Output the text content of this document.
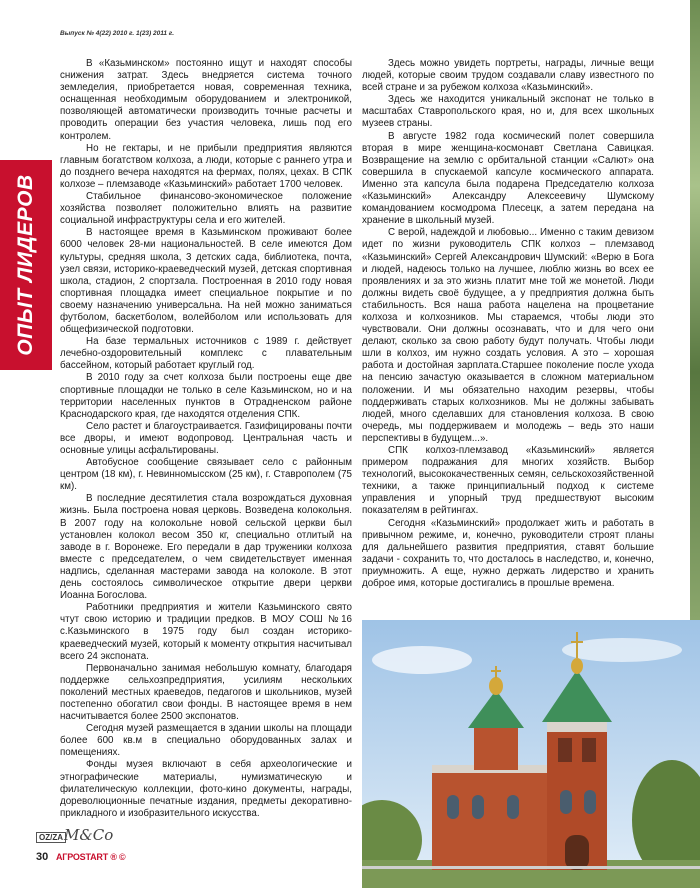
Выпуск № 4(22) 2010 г. 1(23) 2011 г.
ОПЫТ ЛИДЕРОВ

В «Казьминском» постоянно ищут и находят способы снижения затрат. Здесь внедряется система точного земледелия, приобретается новая, современная техника, оснащенная необходимым оборудованием и электроникой, позволяющей автоматически производить точные расчеты и проводить операции без участия человека, лишь под его контролем.

Но не гектары, и не прибыли предприятия являются главным богатством колхоза, а люди, которые с раннего утра и до позднего вечера находятся на фермах, полях, цехах. В СПК колхозе – племзаводе «Казьминский» работает 1700 человек.

Стабильное финансово-экономическое положение хозяйства позволяет положительно влиять на развитие социальной инфраструктуры села и его жителей.

В настоящее время в Казьминском проживают более 6000 человек 28-ми национальностей. В селе имеются Дом культуры, средняя школа, 3 детских сада, библиотека, почта, узел связи, историко-краеведческий музей, детская спортивная школа, стадион, 2 спортзала. Построенная в 2010 году новая спортивная площадка имеет специальное покрытие и по своему назначению универсальна. На ней можно заниматься футболом, баскетболом, волейболом или использовать для общефизической подготовки.

На базе термальных источников с 1989 г. действует лечебно-оздоровительный комплекс с плавательным бассейном, который работает круглый год.

В 2010 году за счет колхоза были построены еще две спортивные площадки не только в селе Казьминском, но и на территории населенных пунктов в Отрадненском районе Краснодарского края, где находятся отделения СПК.

Село растет и благоустраивается. Газифицированы почти все дворы, и имеют водопровод. Центральная часть и основные улицы асфальтированы.

Автобусное сообщение связывает село с районным центром (18 км), г. Невинномысском (25 км), г. Ставрополем (75 км).

В последние десятилетия стала возрождаться духовная жизнь. Была построена новая церковь. Возведена колокольня. В 2007 году на колокольне новой сельской церкви был установлен колокол весом 350 кг, специально отлитый на заводе в г. Воронеже. Его передали в дар труженики колхоза вместе с председателем, о чем свидетельствует именная надпись, сделанная мастерами завода на колоколе. В этот день состоялось символическое открытие двери церкви Иоанна Богослова.

Работники предприятия и жители Казьминского свято чтут свою историю и традиции предков. В МОУ СОШ №16 с.Казьминского в 1975 году был создан историко-краеведческий музей, который к моменту открытия насчитывал всего 24 экспоната.

Первоначально занимая небольшую комнату, благодаря поддержке сельхозпредприятия, усилиям нескольких поколений местных краеведов, педагогов и школьников, музей постепенно обогатил свои фонды. В настоящее время в нем насчитывается более 2500 экспонатов.

Сегодня музей размещается в здании школы на площади более 600 кв.м в специально оборудованных залах и помещениях.

Фонды музея включают в себя археологические и этнографические материалы, нумизматическую и филателическую коллекции, фото-кино документы, награды, дореволюционные печатные издания, предметы декоративно-прикладного и изобразительного искусства.

Здесь можно увидеть портреты, награды, личные вещи людей, которые своим трудом создавали славу известного по всей стране и за рубежом колхоза «Казьминский».

Здесь же находится уникальный экспонат не только в масштабах Ставропольского края, но и, для всех школьных музеев страны.

В августе 1982 года космический полет совершила вторая в мире женщина-космонавт Светлана Савицкая. Возвращение на землю с орбитальной станции «Салют» она совершила в спускаемой капсуле космического аппарата. Именно эта капсула была подарена Председателю колхоза «Казьминский» Александру Алексеевичу Шумскому командованием космодрома Плесецк, а затем передана на хранение в школьный музей.

С верой, надеждой и любовью... Именно с таким девизом идет по жизни руководитель СПК колхоз – племзавод «Казьминский» Сергей Александрович Шумский: «Верю в Бога и людей, надеюсь только на лучшее, люблю жизнь во всех ее проявлениях и за это жизнь платит мне той же монетой. Люди должны видеть своё будущее, а у предприятия должна быть стабильность. Вся наша работа нацелена на процветание колхоза и колхозников. Мы стараемся, чтобы люди это чувствовали. Они должны осознавать, что и для чего они делают, сколько за свою работу будут получать. Чтобы люди шли в колхоз, им нужно создать условия. А это – хорошая работа и достойная зарплата.Старшее поколение после ухода на пенсию зачастую оказывается в сложном материальном положении. И мы обязательно находим резервы, чтобы поддерживать старых колхозников. Мы не должны забывать людей, много сделавших для становления колхоза. В свою очередь, мы поддерживаем и молодежь – ведь это наши перспективы в будущем...».

СПК колхоз-племзавод «Казьминский» является примером подражания для многих хозяйств. Выбор технологий, высококачественных семян, сельскохозяйственной техники, а также принципиальный подход к системе управления и упорный труд предшествуют высоким показателям в рейтингах.

Сегодня «Казьминский» продолжает жить и работать в привычном режиме, и, конечно, руководители строят планы для дальнейшего развития предприятия, ставят большие задачи - сохранить то, что досталось в наследство, и, конечно, приумножить. А еще, нужно держать лидерство и хранить доброе имя, которые достигались в прошлые времена.

OZ/ZA M&Co
30 АГРОSTART ® ©
